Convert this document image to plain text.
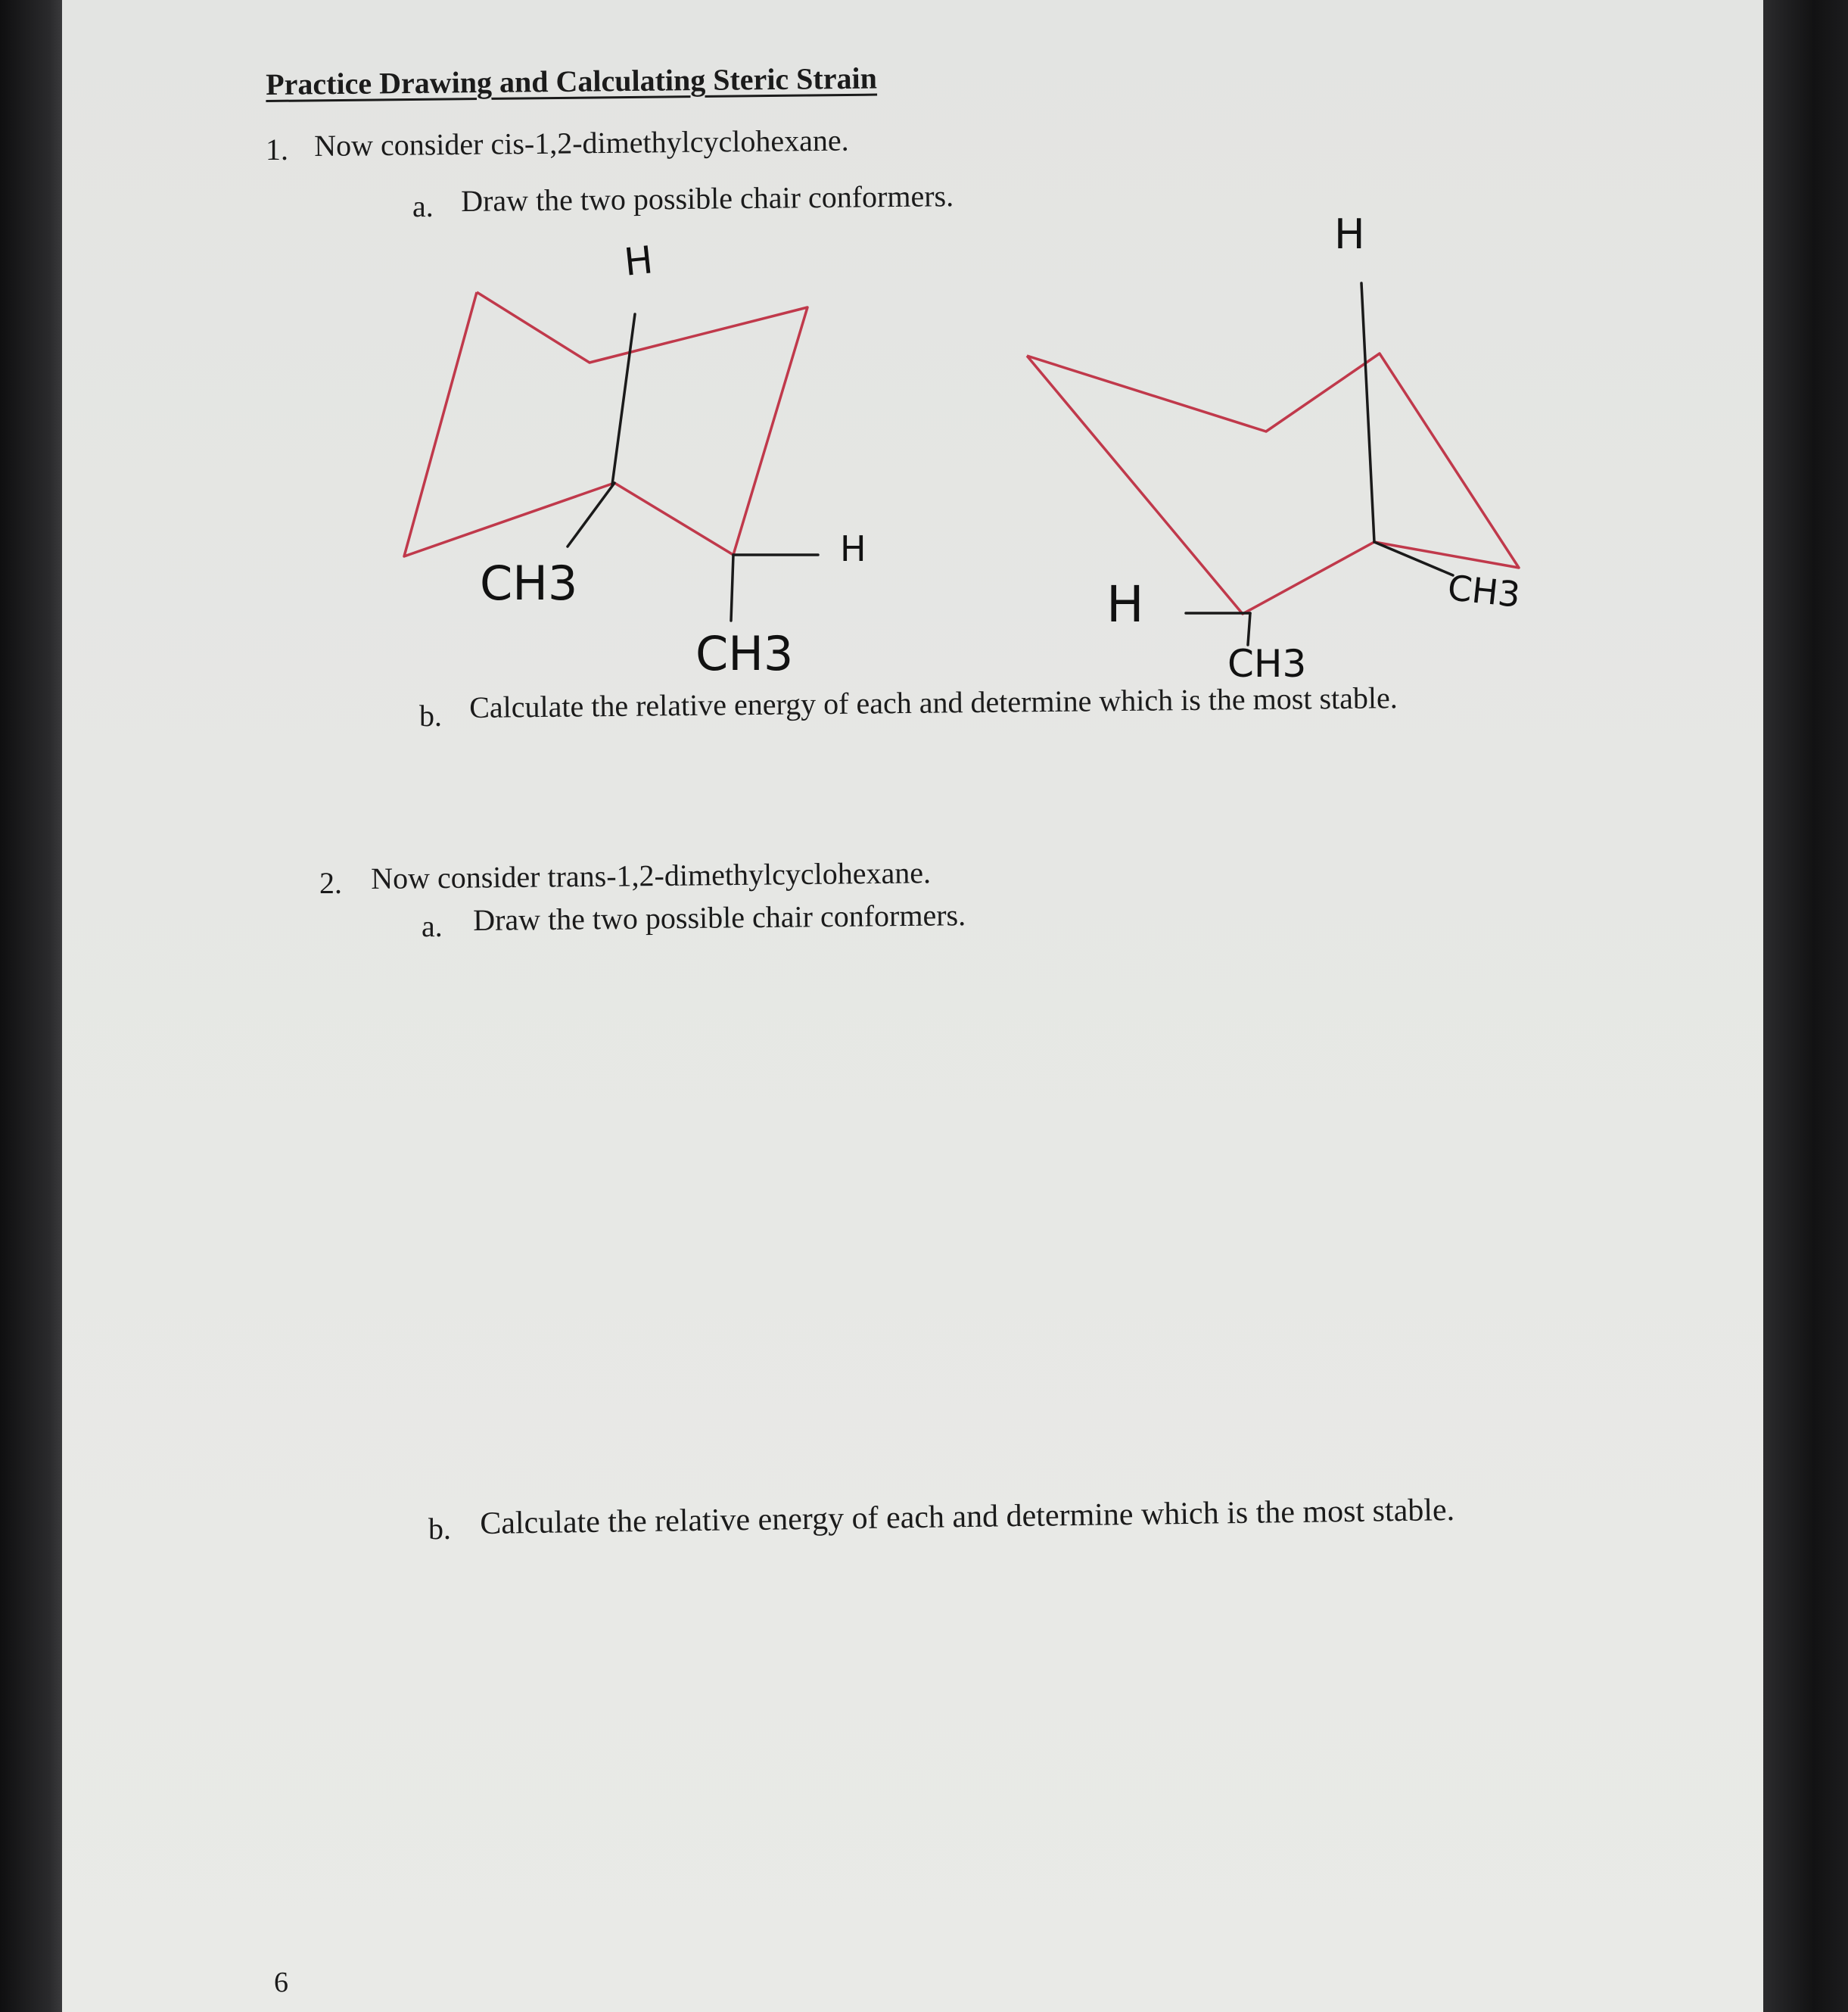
Practice Drawing and Calculating Steric Strain

1. Now consider cis-1,2-dimethylcyclohexane.

a. Draw the two possible chair conformers.

H
CH3
H
CH3
H
CH3
H
CH3

b. Calculate the relative energy of each and determine which is the most stable.

2. Now consider trans-1,2-dimethylcyclohexane.

a. Draw the two possible chair conformers.

b. Calculate the relative energy of each and determine which is the most stable.

6
